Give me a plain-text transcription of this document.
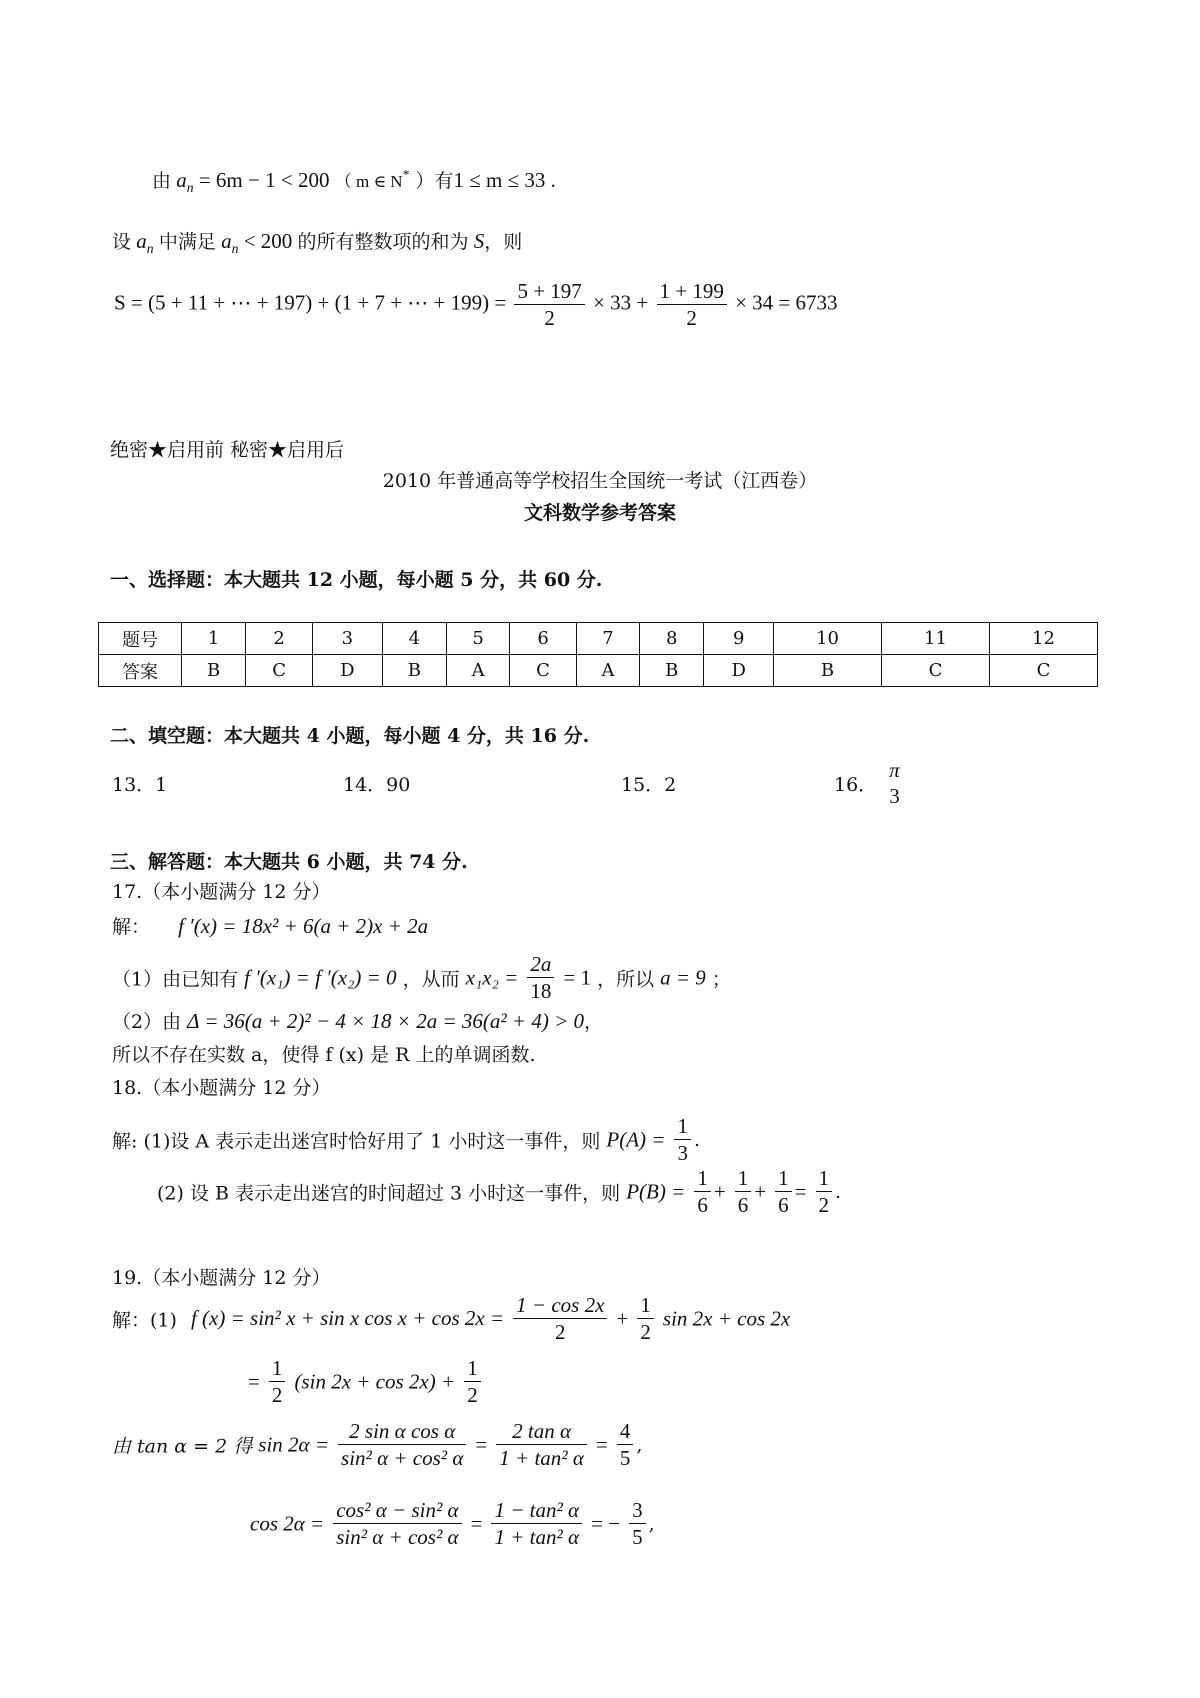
由 $a_n = 6m - 1 < 200$ （ m ∈ N* ）有1 ≤ m ≤ 33 .
设 $a_n$ 中满足 $a_n < 200$ 的所有整数项的和为 S，则
S = (5 + 11 + ⋯ + 197) + (1 + 7 + ⋯ + $199) = \frac{5 + 197}{2} \times 33 + \frac{1 + 199}{2} \times 34 = 6733$
绝密★启用前 秘密★启用后
2010 年普通高等学校招生全国统一考试（江西卷）
文科数学参考答案
一、选择题：本大题共 12 小题，每小题 5 分，共 60 分.
题号	1	2	3	4	5	6	7	8	9	10	11	12
答案	B	C	D	B	A	C	A	B	D	B	C	C
二、填空题：本大题共 4 小题，每小题 4 分，共 16 分.
13．1	14．90	15．2	16．
π
3
三、解答题：本大题共 6 小题，共 74 分.
17.（本小题满分 12 分）
解： f ′(x) = 18x² + 6(a + 2)x + 2a
（1）由已知有 f ′(x₁) = f ′(x₂) = 0 ，从而 $x_1x_2 = \frac{2a}{18} = 1$ ，所以 a = 9 ；
（2）由 Δ = 36(a + 2)² − 4 × 18 × 2a = 36(a² + 4) > 0，
所以不存在实数 a，使得 f (x) 是 R 上的单调函数.
18.（本小题满分 12 分）
解: (1)设 A 表示走出迷宫时恰好用了 1 小时这一事件，则 $P(A) = \frac{1}{3}$ .
(2) 设 B 表示走出迷宫的时间超过 3 小时这一事件，则 $P(B) = \frac{1}{6} + \frac{1}{6} + \frac{1}{6} = \frac{1}{2}$ .
19.（本小题满分 12 分）
解：(1) f (x) = sin² x + sin x $\cos x + \cos 2x = \frac{1 - \cos 2x}{2} + \frac{1}{2}$ sin 2x + cos 2x
= $\frac{1}{2} (\sin$ $2x + \cos 2x) + \frac{1}{2}$
由 tan α = 2 得 $\sin 2\alpha = \frac{\text{2 sin α cos α}}{\text{sin² α + cos² α}} = \frac{\text{2 tan α}}{\text{1 + tan² α}} = \frac{4}{5}$ ,
$\cos 2\alpha = \frac{\text{cos² α − sin² α}}{\text{sin² α + cos² α}} = \frac{\text{1 − tan² α}}{\text{1 + tan² α}}$ = − $\frac{3}{5}$ ,
